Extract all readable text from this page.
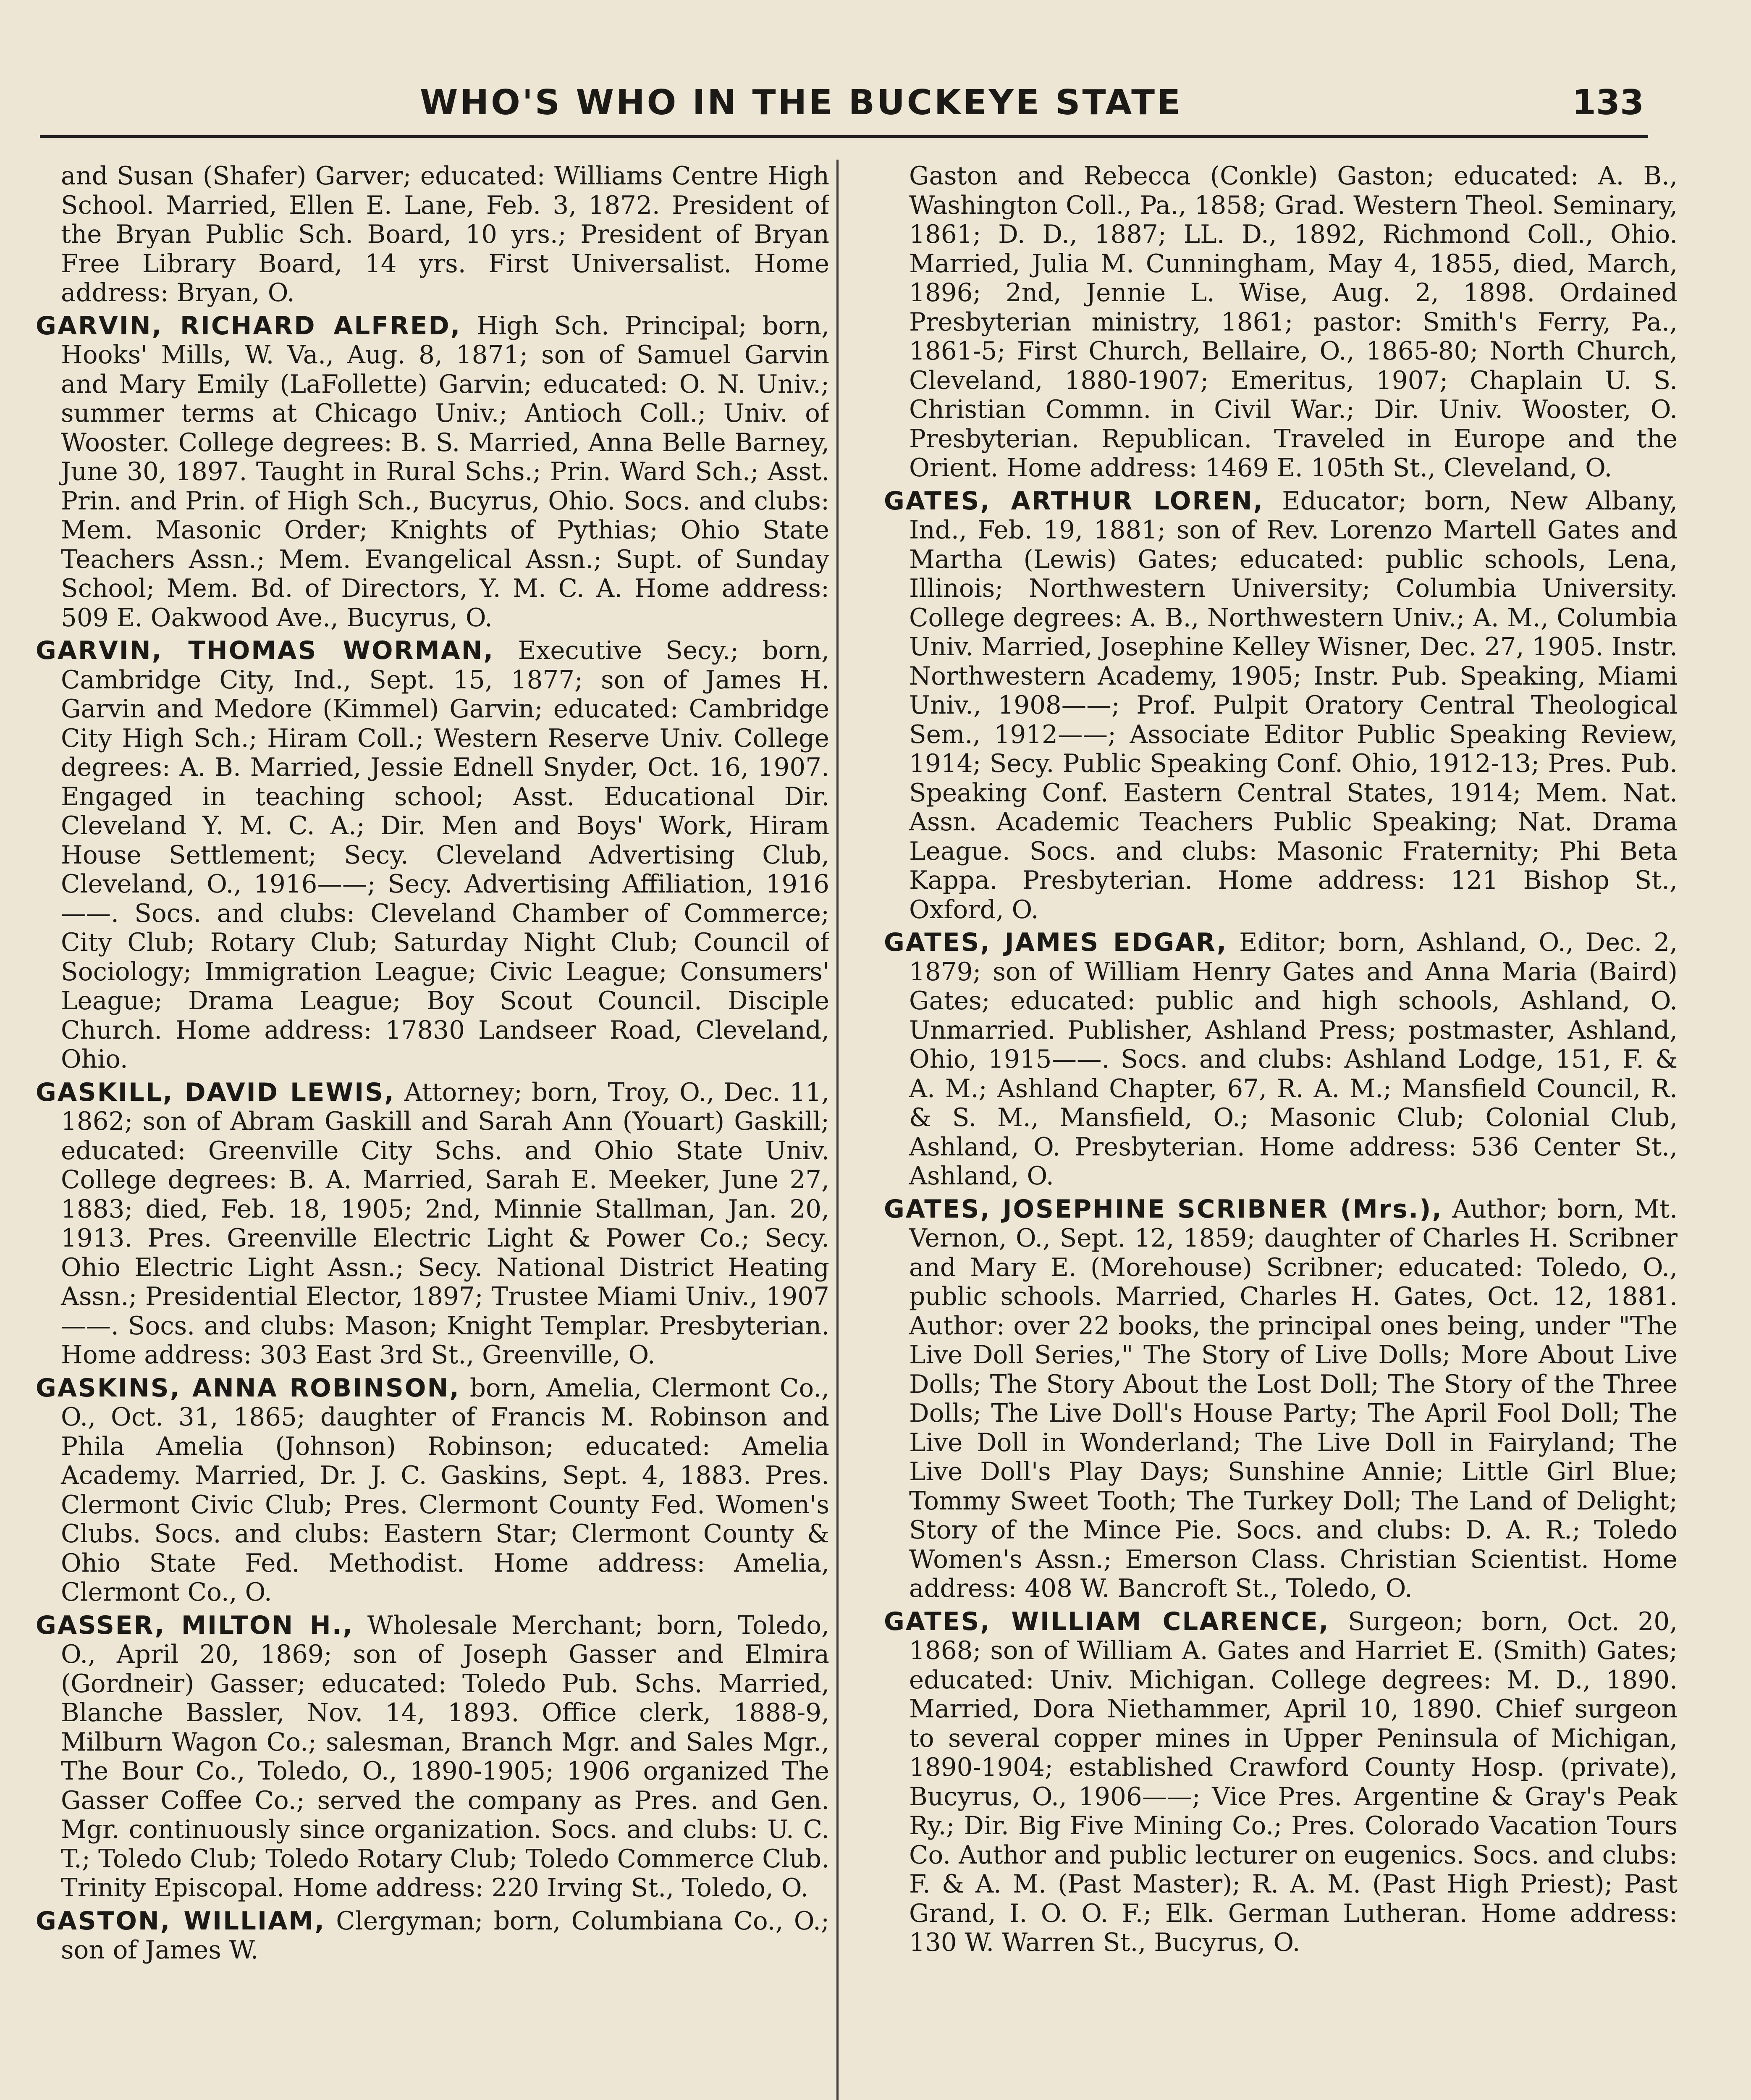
WHO'S WHO IN THE BUCKEYE STATE	133

and Susan (Shafer) Garver; educated: Williams Centre High School. Married, Ellen E. Lane, Feb. 3, 1872. President of the Bryan Public Sch. Board, 10 yrs.; President of Bryan Free Library Board, 14 yrs. First Universalist. Home address: Bryan, O.

GARVIN, RICHARD ALFRED, High Sch. Principal; born, Hooks' Mills, W. Va., Aug. 8, 1871; son of Samuel Garvin and Mary Emily (LaFollette) Garvin; educated: O. N. Univ.; summer terms at Chicago Univ.; Antioch Coll.; Univ. of Wooster. College degrees: B. S. Married, Anna Belle Barney, June 30, 1897. Taught in Rural Schs.; Prin. Ward Sch.; Asst. Prin. and Prin. of High Sch., Bucyrus, Ohio. Socs. and clubs: Mem. Masonic Order; Knights of Pythias; Ohio State Teachers Assn.; Mem. Evangelical Assn.; Supt. of Sunday School; Mem. Bd. of Directors, Y. M. C. A. Home address: 509 E. Oakwood Ave., Bucyrus, O.

GARVIN, THOMAS WORMAN, Executive Secy.; born, Cambridge City, Ind., Sept. 15, 1877; son of James H. Garvin and Medore (Kimmel) Garvin; educated: Cambridge City High Sch.; Hiram Coll.; Western Reserve Univ. College degrees: A. B. Married, Jessie Ednell Snyder, Oct. 16, 1907. Engaged in teaching school; Asst. Educational Dir. Cleveland Y. M. C. A.; Dir. Men and Boys' Work, Hiram House Settlement; Secy. Cleveland Advertising Club, Cleveland, O., 1916——; Secy. Advertising Affiliation, 1916——. Socs. and clubs: Cleveland Chamber of Commerce; City Club; Rotary Club; Saturday Night Club; Council of Sociology; Immigration League; Civic League; Consumers' League; Drama League; Boy Scout Council. Disciple Church. Home address: 17830 Landseer Road, Cleveland, Ohio.

GASKILL, DAVID LEWIS, Attorney; born, Troy, O., Dec. 11, 1862; son of Abram Gaskill and Sarah Ann (Youart) Gaskill; educated: Greenville City Schs. and Ohio State Univ. College degrees: B. A. Married, Sarah E. Meeker, June 27, 1883; died, Feb. 18, 1905; 2nd, Minnie Stallman, Jan. 20, 1913. Pres. Greenville Electric Light & Power Co.; Secy. Ohio Electric Light Assn.; Secy. National District Heating Assn.; Presidential Elector, 1897; Trustee Miami Univ., 1907——. Socs. and clubs: Mason; Knight Templar. Presbyterian. Home address: 303 East 3rd St., Greenville, O.

GASKINS, ANNA ROBINSON, born, Amelia, Clermont Co., O., Oct. 31, 1865; daughter of Francis M. Robinson and Phila Amelia (Johnson) Robinson; educated: Amelia Academy. Married, Dr. J. C. Gaskins, Sept. 4, 1883. Pres. Clermont Civic Club; Pres. Clermont County Fed. Women's Clubs. Socs. and clubs: Eastern Star; Clermont County & Ohio State Fed. Methodist. Home address: Amelia, Clermont Co., O.

GASSER, MILTON H., Wholesale Merchant; born, Toledo, O., April 20, 1869; son of Joseph Gasser and Elmira (Gordneir) Gasser; educated: Toledo Pub. Schs. Married, Blanche Bassler, Nov. 14, 1893. Office clerk, 1888-9, Milburn Wagon Co.; salesman, Branch Mgr. and Sales Mgr., The Bour Co., Toledo, O., 1890-1905; 1906 organized The Gasser Coffee Co.; served the company as Pres. and Gen. Mgr. continuously since organization. Socs. and clubs: U. C. T.; Toledo Club; Toledo Rotary Club; Toledo Commerce Club. Trinity Episcopal. Home address: 220 Irving St., Toledo, O.

GASTON, WILLIAM, Clergyman; born, Columbiana Co., O.; son of James W.

Gaston and Rebecca (Conkle) Gaston; educated: A. B., Washington Coll., Pa., 1858; Grad. Western Theol. Seminary, 1861; D. D., 1887; LL. D., 1892, Richmond Coll., Ohio. Married, Julia M. Cunningham, May 4, 1855, died, March, 1896; 2nd, Jennie L. Wise, Aug. 2, 1898. Ordained Presbyterian ministry, 1861; pastor: Smith's Ferry, Pa., 1861-5; First Church, Bellaire, O., 1865-80; North Church, Cleveland, 1880-1907; Emeritus, 1907; Chaplain U. S. Christian Commn. in Civil War.; Dir. Univ. Wooster, O. Presbyterian. Republican. Traveled in Europe and the Orient. Home address: 1469 E. 105th St., Cleveland, O.

GATES, ARTHUR LOREN, Educator; born, New Albany, Ind., Feb. 19, 1881; son of Rev. Lorenzo Martell Gates and Martha (Lewis) Gates; educated: public schools, Lena, Illinois; Northwestern University; Columbia University. College degrees: A. B., Northwestern Univ.; A. M., Columbia Univ. Married, Josephine Kelley Wisner, Dec. 27, 1905. Instr. Northwestern Academy, 1905; Instr. Pub. Speaking, Miami Univ., 1908——; Prof. Pulpit Oratory Central Theological Sem., 1912——; Associate Editor Public Speaking Review, 1914; Secy. Public Speaking Conf. Ohio, 1912-13; Pres. Pub. Speaking Conf. Eastern Central States, 1914; Mem. Nat. Assn. Academic Teachers Public Speaking; Nat. Drama League. Socs. and clubs: Masonic Fraternity; Phi Beta Kappa. Presbyterian. Home address: 121 Bishop St., Oxford, O.

GATES, JAMES EDGAR, Editor; born, Ashland, O., Dec. 2, 1879; son of William Henry Gates and Anna Maria (Baird) Gates; educated: public and high schools, Ashland, O. Unmarried. Publisher, Ashland Press; postmaster, Ashland, Ohio, 1915——. Socs. and clubs: Ashland Lodge, 151, F. & A. M.; Ashland Chapter, 67, R. A. M.; Mansfield Council, R. & S. M., Mansfield, O.; Masonic Club; Colonial Club, Ashland, O. Presbyterian. Home address: 536 Center St., Ashland, O.

GATES, JOSEPHINE SCRIBNER (Mrs.), Author; born, Mt. Vernon, O., Sept. 12, 1859; daughter of Charles H. Scribner and Mary E. (Morehouse) Scribner; educated: Toledo, O., public schools. Married, Charles H. Gates, Oct. 12, 1881. Author: over 22 books, the principal ones being, under "The Live Doll Series," The Story of Live Dolls; More About Live Dolls; The Story About the Lost Doll; The Story of the Three Dolls; The Live Doll's House Party; The April Fool Doll; The Live Doll in Wonderland; The Live Doll in Fairyland; The Live Doll's Play Days; Sunshine Annie; Little Girl Blue; Tommy Sweet Tooth; The Turkey Doll; The Land of Delight; Story of the Mince Pie. Socs. and clubs: D. A. R.; Toledo Women's Assn.; Emerson Class. Christian Scientist. Home address: 408 W. Bancroft St., Toledo, O.

GATES, WILLIAM CLARENCE, Surgeon; born, Oct. 20, 1868; son of William A. Gates and Harriet E. (Smith) Gates; educated: Univ. Michigan. College degrees: M. D., 1890. Married, Dora Niethammer, April 10, 1890. Chief surgeon to several copper mines in Upper Peninsula of Michigan, 1890-1904; established Crawford County Hosp. (private), Bucyrus, O., 1906——; Vice Pres. Argentine & Gray's Peak Ry.; Dir. Big Five Mining Co.; Pres. Colorado Vacation Tours Co. Author and public lecturer on eugenics. Socs. and clubs: F. & A. M. (Past Master); R. A. M. (Past High Priest); Past Grand, I. O. O. F.; Elk. German Lutheran. Home address: 130 W. Warren St., Bucyrus, O.
